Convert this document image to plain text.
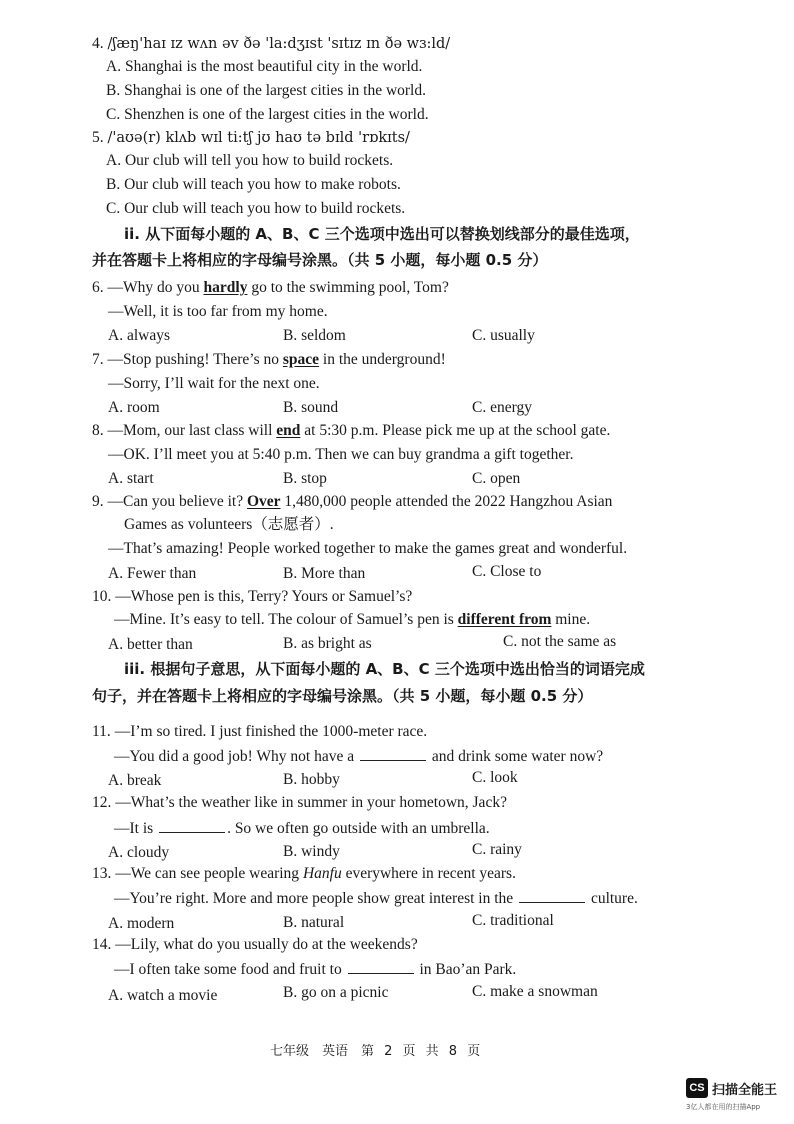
4. /ʃæŋ'haɪ ɪz wʌn əv ðə 'la:dʒɪst 'sɪtɪz ɪn ðə wɜ:ld/
A. Shanghai is the most beautiful city in the world.
B. Shanghai is one of the largest cities in the world.
C. Shenzhen is one of the largest cities in the world.
5. /'aʊə(r) klʌb wɪl ti:tʃ jʊ haʊ tə bɪld 'rɒkɪts/
A. Our club will tell you how to build rockets.
B. Our club will teach you how to make robots.
C. Our club will teach you how to build rockets.
ii. 从下面每小题的 A、B、C 三个选项中选出可以替换划线部分的最佳选项，
并在答题卡上将相应的字母编号涂黑。（共 5 小题，每小题 0.5 分）
6. —Why do you hardly go to the swimming pool, Tom?
—Well, it is too far from my home.
A. always	B. seldom	C. usually
7. —Stop pushing! There’s no space in the underground!
—Sorry, I’ll wait for the next one.
A. room	B. sound	C. energy
8. —Mom, our last class will end at 5:30 p.m. Please pick me up at the school gate.
—OK. I’ll meet you at 5:40 p.m. Then we can buy grandma a gift together.
A. start	B. stop	C. open
9. —Can you believe it? Over 1,480,000 people attended the 2022 Hangzhou Asian
Games as volunteers（志愿者）.
—That’s amazing! People worked together to make the games great and wonderful.
A. Fewer than	B. More than	C. Close to
10. —Whose pen is this, Terry? Yours or Samuel’s?
—Mine. It’s easy to tell. The colour of Samuel’s pen is different from mine.
A. better than	B. as bright as	C. not the same as
iii. 根据句子意思，从下面每小题的 A、B、C 三个选项中选出恰当的词语完成
句子，并在答题卡上将相应的字母编号涂黑。（共 5 小题，每小题 0.5 分）
11. —I’m so tired. I just finished the 1000-meter race.
—You did a good job! Why not have a	and drink some water now?
A. break	B. hobby	C. look
12. —What’s the weather like in summer in your hometown, Jack?
—It is	. So we often go outside with an umbrella.
A. cloudy	B. windy	C. rainy
13. —We can see people wearing Hanfu everywhere in recent years.
—You’re right. More and more people show great interest in the	culture.
A. modern	B. natural	C. traditional
14. —Lily, what do you usually do at the weekends?
—I often take some food and fruit to	in Bao’an Park.
A. watch a movie	B. go on a picnic	C. make a snowman
七年级　英语　第 2 页 共 8 页
CS 扫描全能王
3亿人都在用的扫描App
